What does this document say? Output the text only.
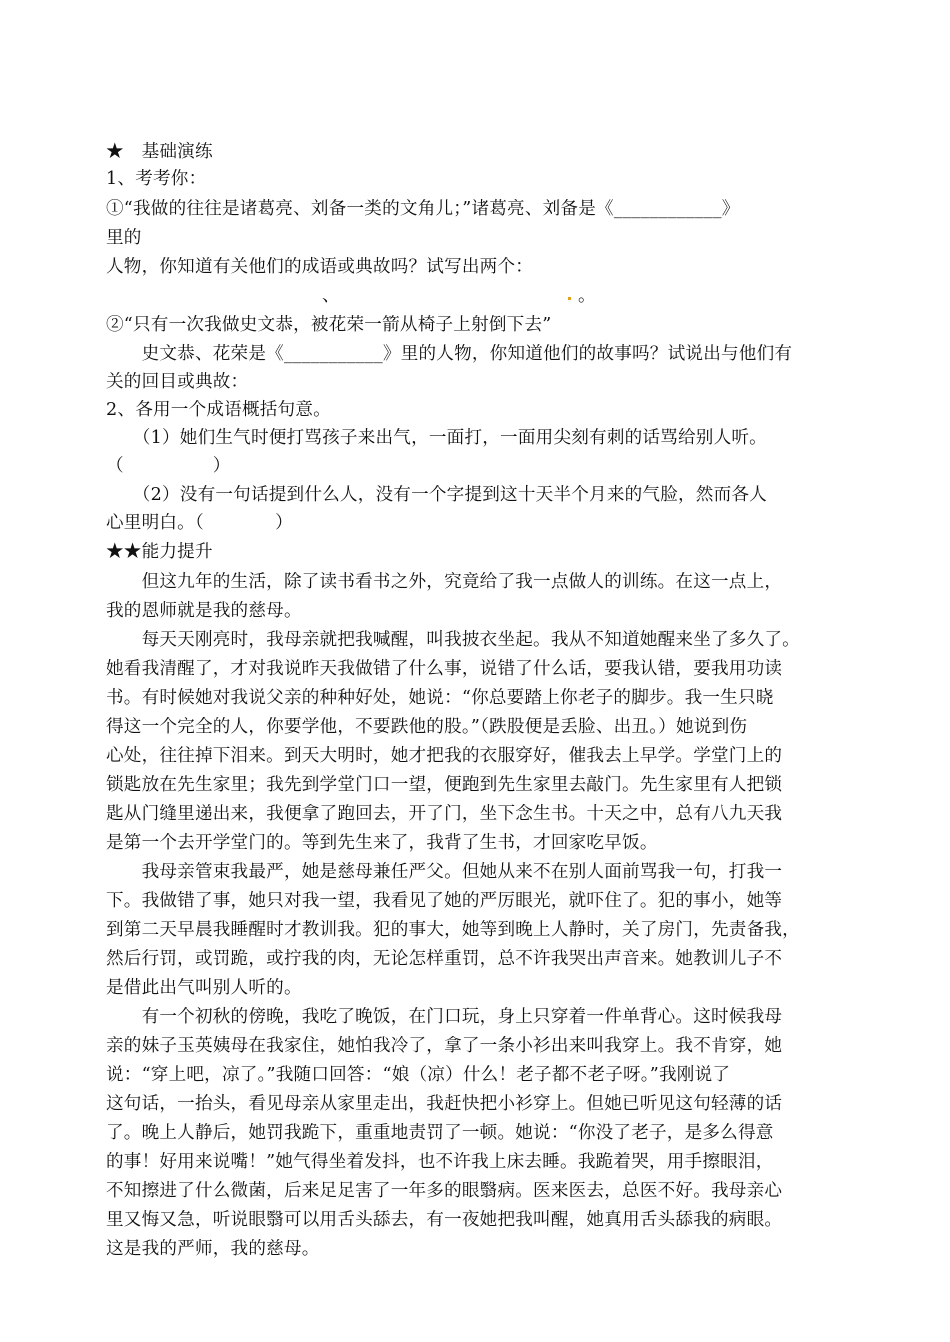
★　基础演练
1、考考你：
①“我做的往往是诸葛亮、刘备一类的文角儿；”诸葛亮、刘备是《____________》
里的
人物，你知道有关他们的成语或典故吗？试写出两个：
、	。
②“只有一次我做史文恭，被花荣一箭从椅子上射倒下去”
　　史文恭、花荣是《___________》里的人物，你知道他们的故事吗？试说出与他们有
关的回目或典故：
2、各用一个成语概括句意。
　　（1）她们生气时便打骂孩子来出气，一面打，一面用尖刻有刺的话骂给别人听。
（　　　　　）
　　（2）没有一句话提到什么人，没有一个字提到这十天半个月来的气脸，然而各人
心里明白。（　　　　）
★★能力提升
　　但这九年的生活，除了读书看书之外，究竟给了我一点做人的训练。在这一点上，
我的恩师就是我的慈母。
　　每天天刚亮时，我母亲就把我喊醒，叫我披衣坐起。我从不知道她醒来坐了多久了。
她看我清醒了，才对我说昨天我做错了什么事，说错了什么话，要我认错，要我用功读
书。有时候她对我说父亲的种种好处，她说：“你总要踏上你老子的脚步。我一生只晓
得这一个完全的人，你要学他，不要跌他的股。”（跌股便是丢脸、出丑。）她说到伤
心处，往往掉下泪来。到天大明时，她才把我的衣服穿好，催我去上早学。学堂门上的
锁匙放在先生家里；我先到学堂门口一望，便跑到先生家里去敲门。先生家里有人把锁
匙从门缝里递出来，我便拿了跑回去，开了门，坐下念生书。十天之中，总有八九天我
是第一个去开学堂门的。等到先生来了，我背了生书，才回家吃早饭。
　　我母亲管束我最严，她是慈母兼任严父。但她从来不在别人面前骂我一句，打我一
下。我做错了事，她只对我一望，我看见了她的严厉眼光，就吓住了。犯的事小，她等
到第二天早晨我睡醒时才教训我。犯的事大，她等到晚上人静时，关了房门，先责备我，
然后行罚，或罚跪，或拧我的肉，无论怎样重罚，总不许我哭出声音来。她教训儿子不
是借此出气叫别人听的。
　　有一个初秋的傍晚，我吃了晚饭，在门口玩，身上只穿着一件单背心。这时候我母
亲的妹子玉英姨母在我家住，她怕我冷了，拿了一条小衫出来叫我穿上。我不肯穿，她
说：“穿上吧，凉了。”我随口回答：“娘（凉）什么！老子都不老子呀。”我刚说了
这句话，一抬头，看见母亲从家里走出，我赶快把小衫穿上。但她已听见这句轻薄的话
了。晚上人静后，她罚我跪下，重重地责罚了一顿。她说：“你没了老子，是多么得意
的事！好用来说嘴！”她气得坐着发抖，也不许我上床去睡。我跪着哭，用手擦眼泪，
不知擦进了什么微菌，后来足足害了一年多的眼翳病。医来医去，总医不好。我母亲心
里又悔又急，听说眼翳可以用舌头舔去，有一夜她把我叫醒，她真用舌头舔我的病眼。
这是我的严师，我的慈母。
